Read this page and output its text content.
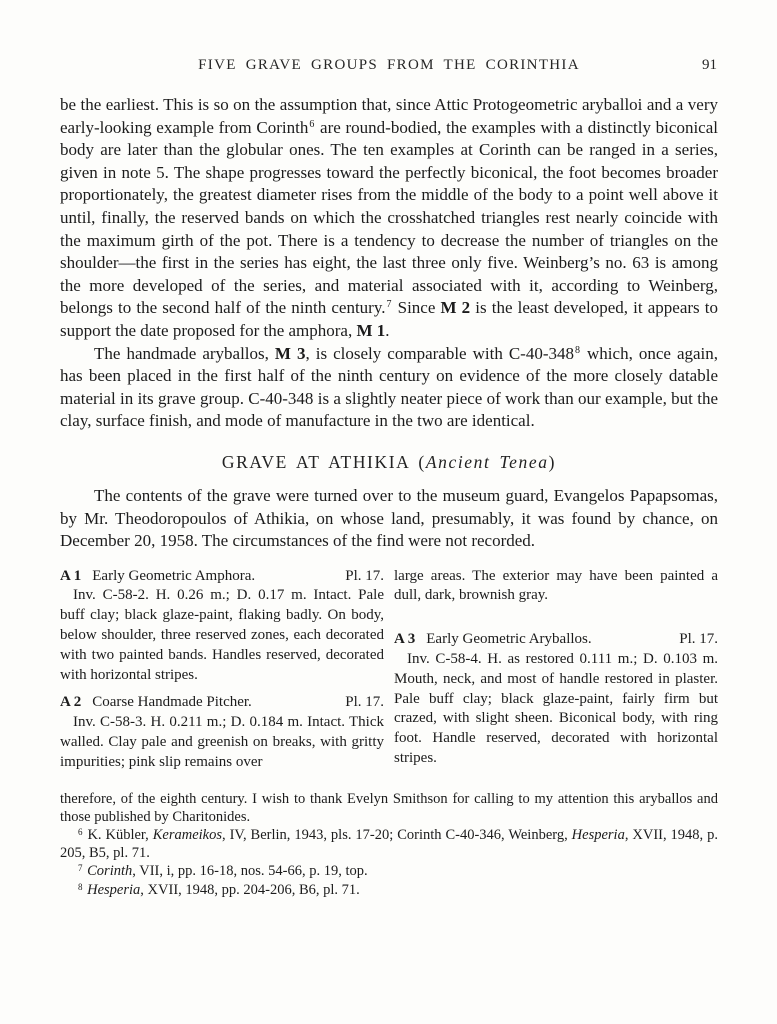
FIVE GRAVE GROUPS FROM THE CORINTHIA	91
be the earliest. This is so on the assumption that, since Attic Protogeometric aryballoi and a very early-looking example from Corinth$^6$ are round-bodied, the examples with a distinctly biconical body are later than the globular ones. The ten examples at Corinth can be ranged in a series, given in note 5. The shape progresses toward the perfectly biconical, the foot becomes broader proportionately, the greatest diameter rises from the middle of the body to a point well above it until, finally, the reserved bands on which the crosshatched triangles rest nearly coincide with the maximum girth of the pot. There is a tendency to decrease the number of triangles on the shoulder—the first in the series has eight, the last three only five. Weinberg’s no. 63 is among the more developed of the series, and material associated with it, according to Weinberg, belongs to the second half of the ninth century.$^7$ Since M 2 is the least developed, it appears to support the date proposed for the amphora, M 1.
The handmade aryballos, M 3, is closely comparable with $C-40-348^8$ which, once again, has been placed in the first half of the ninth century on evidence of the more closely datable material in its grave group. C-40-348 is a slightly neater piece of work than our example, but the clay, surface finish, and mode of manufacture in the two are identical.
GRAVE AT ATHIKIA (Ancient Tenea)
The contents of the grave were turned over to the museum guard, Evangelos Papapsomas, by Mr. Theodoropoulos of Athikia, on whose land, presumably, it was found by chance, on December 20, 1958. The circumstances of the find were not recorded.
A 1 Early Geometric Amphora.	Pl. 17.
Inv. C-58-2. H. 0.26 m.; D. 0.17 m. Intact. Pale buff clay; black glaze-paint, flaking badly. On body, below shoulder, three reserved zones, each decorated with two painted bands. Handles reserved, decorated with horizontal stripes.
A 2 Coarse Handmade Pitcher.	Pl. 17.
Inv. C-58-3. H. 0.211 m.; D. 0.184 m. Intact. Thick walled. Clay pale and greenish on breaks, with gritty impurities; pink slip remains over
large areas. The exterior may have been painted a dull, dark, brownish gray.
A 3 Early Geometric Aryballos.	Pl. 17.
Inv. C-58-4. H. as restored 0.111 m.; D. 0.103 m. Mouth, neck, and most of handle restored in plaster. Pale buff clay; black glaze-paint, fairly firm but crazed, with slight sheen. Biconical body, with ring foot. Handle reserved, decorated with horizontal stripes.
therefore, of the eighth century. I wish to thank Evelyn Smithson for calling to my attention this aryballos and those published by Charitonides.
$^6$ K. Kübler, Kerameikos, IV, Berlin, 1943, pls. 17-20; Corinth C-40-346, Weinberg, Hesperia, XVII, 1948, p. 205, B5, pl. 71.
$^7$ Corinth, VII, i, pp. 16-18, nos. 54-66, p. 19, top.
$^8$ Hesperia, XVII, 1948, pp. 204-206, B6, pl. 71.
